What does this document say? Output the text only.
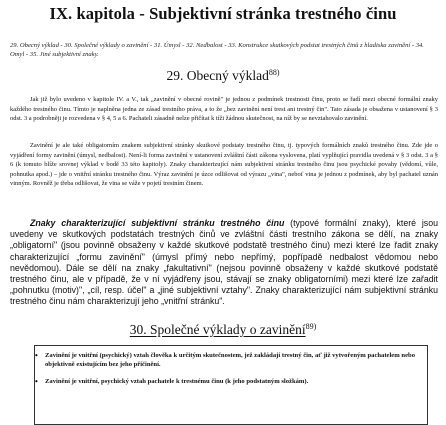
IX. kapitola - Subjektivní stránka trestného činu
29. Obecný výklad - 30. Společné výklady o zavinění - 31. Úmysl - 32. Nedbalost - 33. Konstrukce skutkových podstat trestných činů z hladiska zavinění - 34. Omyl - 35. Jiné subjektivní znaky.
29. Obecný výklad$^{88)}$
Jak již bylo uvedeno v kapitole IV. a V., tak „zavinění v obecné rovině" je jednou z podmínek trestnosti činu, proto se řadí mezi obecné formální znaky každého trestného činu. Tímto je naplněna jedna ze zásad trestního práva, a to že „bez zavinění není trest ani trestný čin". Tato zásada je obsažena v ustanovení § 3 odst. 3 a podrobněji je rozvedena v § 4, 5 a 6. Pachateli zásadně nelze přičítat k tíži žádnou skutečnost, na níž by se nevztahovalo zavinění.
Zavinění je ale také obligatorním znakem subjektivní stránky skutkové podstaty trestného činu, tj. typových formálních znaků trestného činu. Zde jde o vyjádření formy zavinění (úmysl, nedbalost). Není-li forma zavinění v ustanovení zvláštní části zákona vyslovena, platí vyplňující pravidla uvedená v § 3 odst. 3 a § 6 (k tomuto blíže srovnej výklad v bodě 33 této kapitoly). Znaky charakterizující nám subjektivní stránku trestného činu jsou psychické povahy (vědomí, vůle, pohnutka apod.) – jde o vnitřní stránku trestného činu. Výraz zavinění je úzce odlišovat od výrazu „vina", neboť vina je jednou z podmínek, aby byl pachatel uznán vinným. Rovněž je třeba odlišovat, že vina se váže v pojetí trestním činem.
Znaky charakterizující subjektivní stránku trestného činu (typové formální znaky), které jsou uvedeny ve skutkových podstatách trestných činů ve zvláštní části trestního zákona se dělí, na znaky „obligatorní" (jsou povinně obsaženy v každé skutkové podstatě trestného činu) mezi které lze řadit znaky charakterizující „formu zavinění" (úmysl přímý nebo nepřímý, popřípadě nedbalost vědomou nebo nevědomou). Dále se dělí na znaky „fakultativní" (nejsou povinně obsaženy v každé skutkové podstatě trestného činu, ale v případě, že v ní vyjádřeny jsou, stávají se znaky obligatorními) mezi které lze zařadit „pohnutku (motiv)", „cíl, resp. účel" a „jiné subjektivní vztahy". Znaky charakterizující nám subjektivní stránku trestného činu nám charakterizují jeho „vnitřní stránku".
30. Společné výklady o zavinění$^{89)}$
• Zavinění je vnitřní (psychický) vztah člověka k určitým skutečnostem, jež zakládají trestný čin, ať již vytvořeným pachatelem nebo objektivně existujícím bez jeho přičinění.
• Zavinění je vnitřní, psychický vztah pachatele k trestnému činu (k jeho podstatným složkám).
